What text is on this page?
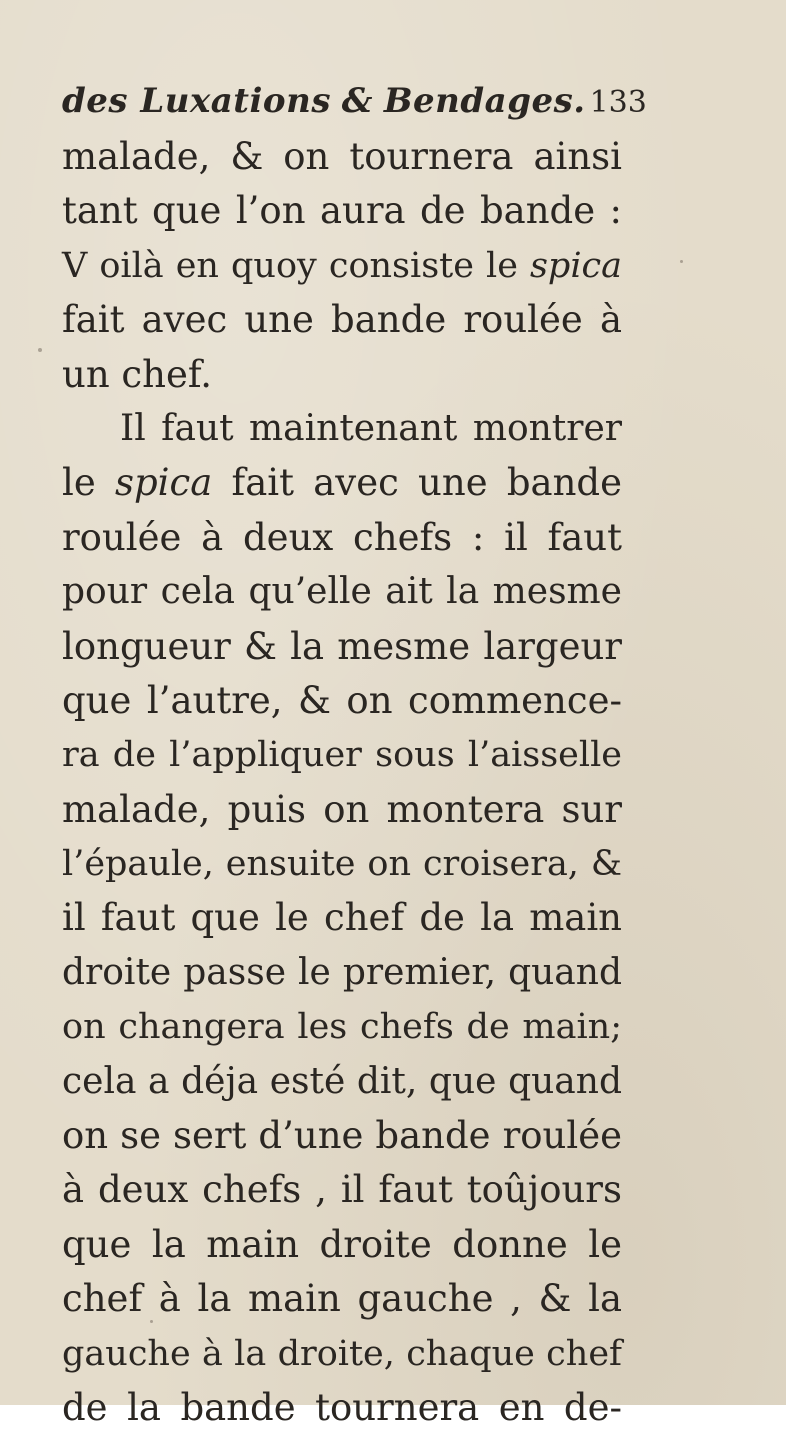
des Luxations & Bendages. 133
malade, & on tournera ainsi
tant que l’on aura de bande :
V oilà en quoy consiste le spica
fait avec une bande roulée à
un chef.
Il faut maintenant montrer
le spica fait avec une bande
roulée à deux chefs : il faut
pour cela qu’elle ait la mesme
longueur & la mesme largeur
que l’autre, & on commence-
ra de l’appliquer sous l’aisselle
malade, puis on montera sur
l’épaule, ensuite on croisera, &
il faut que le chef de la main
droite passe le premier, quand
on changera les chefs de main;
cela a déja esté dit, que quand
on se sert d’une bande roulée
à deux chefs , il faut toûjours
que la main droite donne le
chef à la main gauche , & la
gauche à la droite, chaque chef
de la bande tournera en de-
